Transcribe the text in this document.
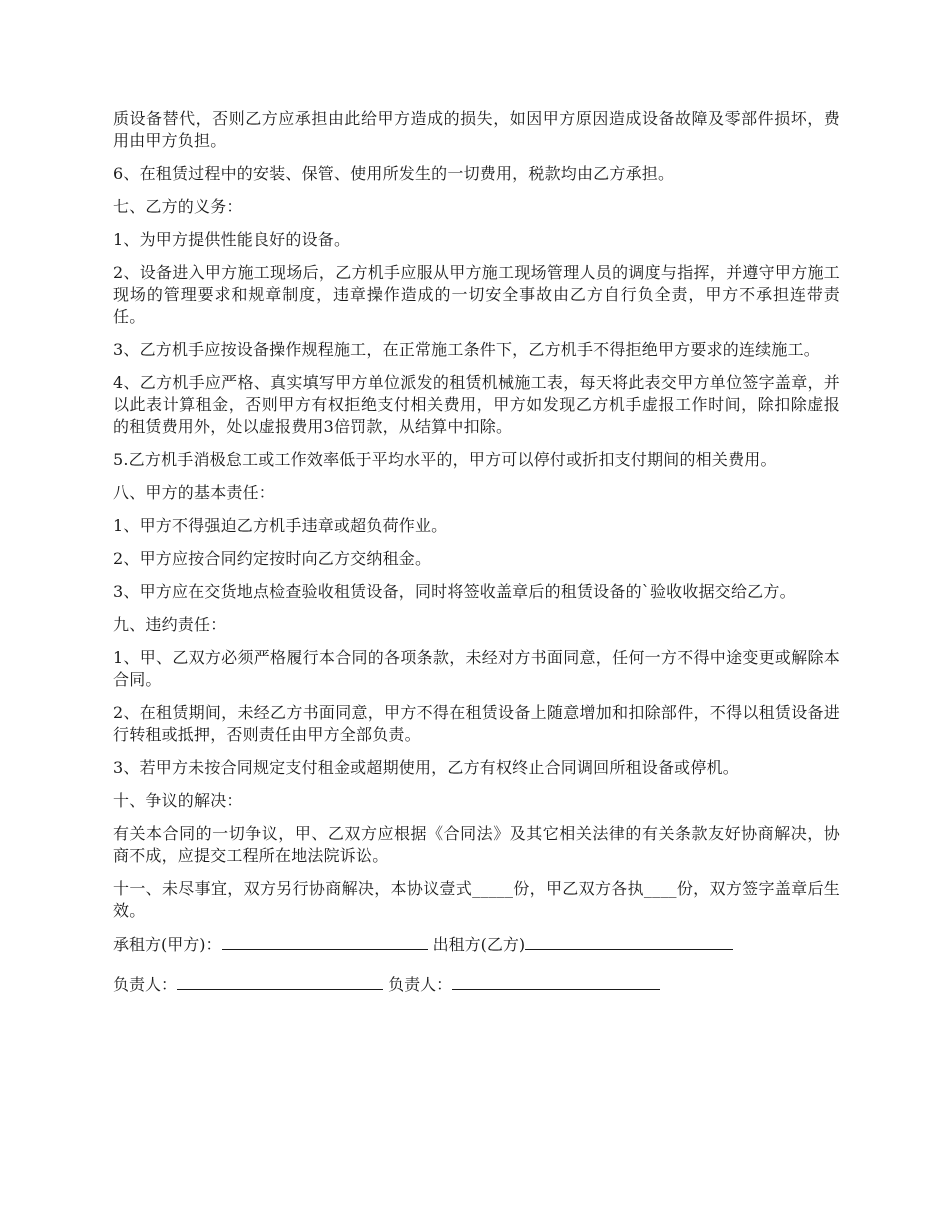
质设备替代，否则乙方应承担由此给甲方造成的损失，如因甲方原因造成设备故障及零部件损坏，费用由甲方负担。

6、在租赁过程中的安装、保管、使用所发生的一切费用，税款均由乙方承担。

七、乙方的义务：

1、为甲方提供性能良好的设备。

2、设备进入甲方施工现场后，乙方机手应服从甲方施工现场管理人员的调度与指挥，并遵守甲方施工现场的管理要求和规章制度，违章操作造成的一切安全事故由乙方自行负全责，甲方不承担连带责任。

3、乙方机手应按设备操作规程施工，在正常施工条件下，乙方机手不得拒绝甲方要求的连续施工。

4、乙方机手应严格、真实填写甲方单位派发的租赁机械施工表，每天将此表交甲方单位签字盖章，并以此表计算租金，否则甲方有权拒绝支付相关费用，甲方如发现乙方机手虚报工作时间，除扣除虚报的租赁费用外，处以虚报费用3倍罚款，从结算中扣除。

5.乙方机手消极怠工或工作效率低于平均水平的，甲方可以停付或折扣支付期间的相关费用。

八、甲方的基本责任：

1、甲方不得强迫乙方机手违章或超负荷作业。

2、甲方应按合同约定按时向乙方交纳租金。

3、甲方应在交货地点检查验收租赁设备，同时将签收盖章后的租赁设备的`验收收据交给乙方。

九、违约责任：

1、甲、乙双方必须严格履行本合同的各项条款，未经对方书面同意，任何一方不得中途变更或解除本合同。

2、在租赁期间，未经乙方书面同意，甲方不得在租赁设备上随意增加和扣除部件，不得以租赁设备进行转租或抵押，否则责任由甲方全部负责。

3、若甲方未按合同规定支付租金或超期使用，乙方有权终止合同调回所租设备或停机。

十、争议的解决：

有关本合同的一切争议，甲、乙双方应根据《合同法》及其它相关法律的有关条款友好协商解决，协商不成，应提交工程所在地法院诉讼。

十一、未尽事宜，双方另行协商解决，本协议壹式_____份，甲乙双方各执____份，双方签字盖章后生效。

承租方(甲方)：	出租方(乙方)
负责人：	负责人：
